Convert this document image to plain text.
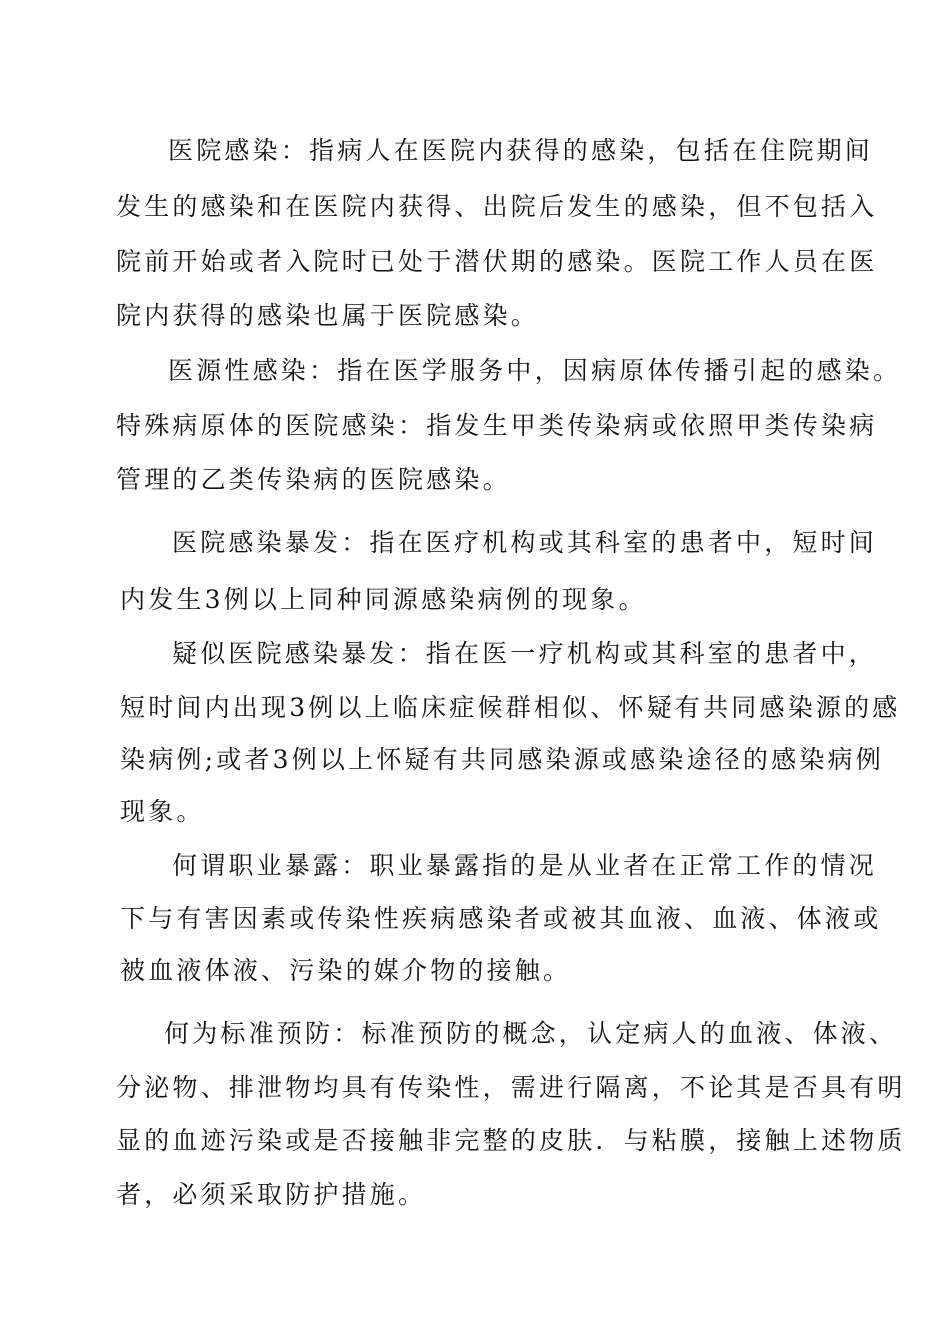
医院感染：指病人在医院内获得的感染，包括在住院期间
发生的感染和在医院内获得、出院后发生的感染，但不包括入
院前开始或者入院时已处于潜伏期的感染。医院工作人员在医
院内获得的感染也属于医院感染。
医源性感染：指在医学服务中，因病原体传播引起的感染。
特殊病原体的医院感染：指发生甲类传染病或依照甲类传染病
管理的乙类传染病的医院感染。
医院感染暴发：指在医疗机构或其科室的患者中，短时间
内发生3例以上同种同源感染病例的现象。
疑似医院感染暴发：指在医一疗机构或其科室的患者中，
短时间内出现3例以上临床症候群相似、怀疑有共同感染源的感
染病例;或者3例以上怀疑有共同感染源或感染途径的感染病例
现象。
何谓职业暴露：职业暴露指的是从业者在正常工作的情况
下与有害因素或传染性疾病感染者或被其血液、血液、体液或
被血液体液、污染的媒介物的接触。
何为标准预防：标准预防的概念，认定病人的血液、体液、
分泌物、排泄物均具有传染性，需进行隔离，不论其是否具有明
显的血迹污染或是否接触非完整的皮肤．与粘膜，接触上述物质
者，必须采取防护措施。
